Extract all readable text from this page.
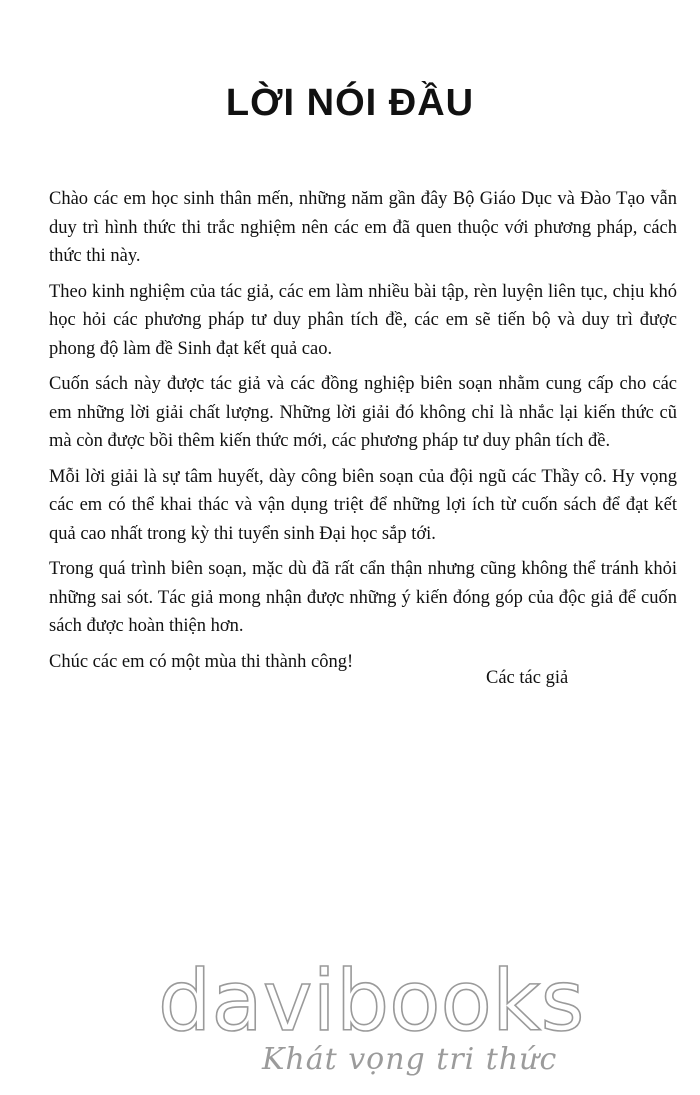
LỜI NÓI ĐẦU

Chào các em học sinh thân mến, những năm gần đây Bộ Giáo Dục và Đào Tạo vẫn duy trì hình thức thi trắc nghiệm nên các em đã quen thuộc với phương pháp, cách thức thi này.

Theo kinh nghiệm của tác giả, các em làm nhiều bài tập, rèn luyện liên tục, chịu khó học hỏi các phương pháp tư duy phân tích đề, các em sẽ tiến bộ và duy trì được phong độ làm đề Sinh đạt kết quả cao.

Cuốn sách này được tác giả và các đồng nghiệp biên soạn nhằm cung cấp cho các em những lời giải chất lượng. Những lời giải đó không chỉ là nhắc lại kiến thức cũ mà còn được bồi thêm kiến thức mới, các phương pháp tư duy phân tích đề.

Mỗi lời giải là sự tâm huyết, dày công biên soạn của đội ngũ các Thầy cô. Hy vọng các em có thể khai thác và vận dụng triệt để những lợi ích từ cuốn sách để đạt kết quả cao nhất trong kỳ thi tuyển sinh Đại học sắp tới.

Trong quá trình biên soạn, mặc dù đã rất cẩn thận nhưng cũng không thể tránh khỏi những sai sót. Tác giả mong nhận được những ý kiến đóng góp của độc giả để cuốn sách được hoàn thiện hơn.

Chúc các em có một mùa thi thành công!

Các tác giả
davibooks
Khát vọng tri thức
